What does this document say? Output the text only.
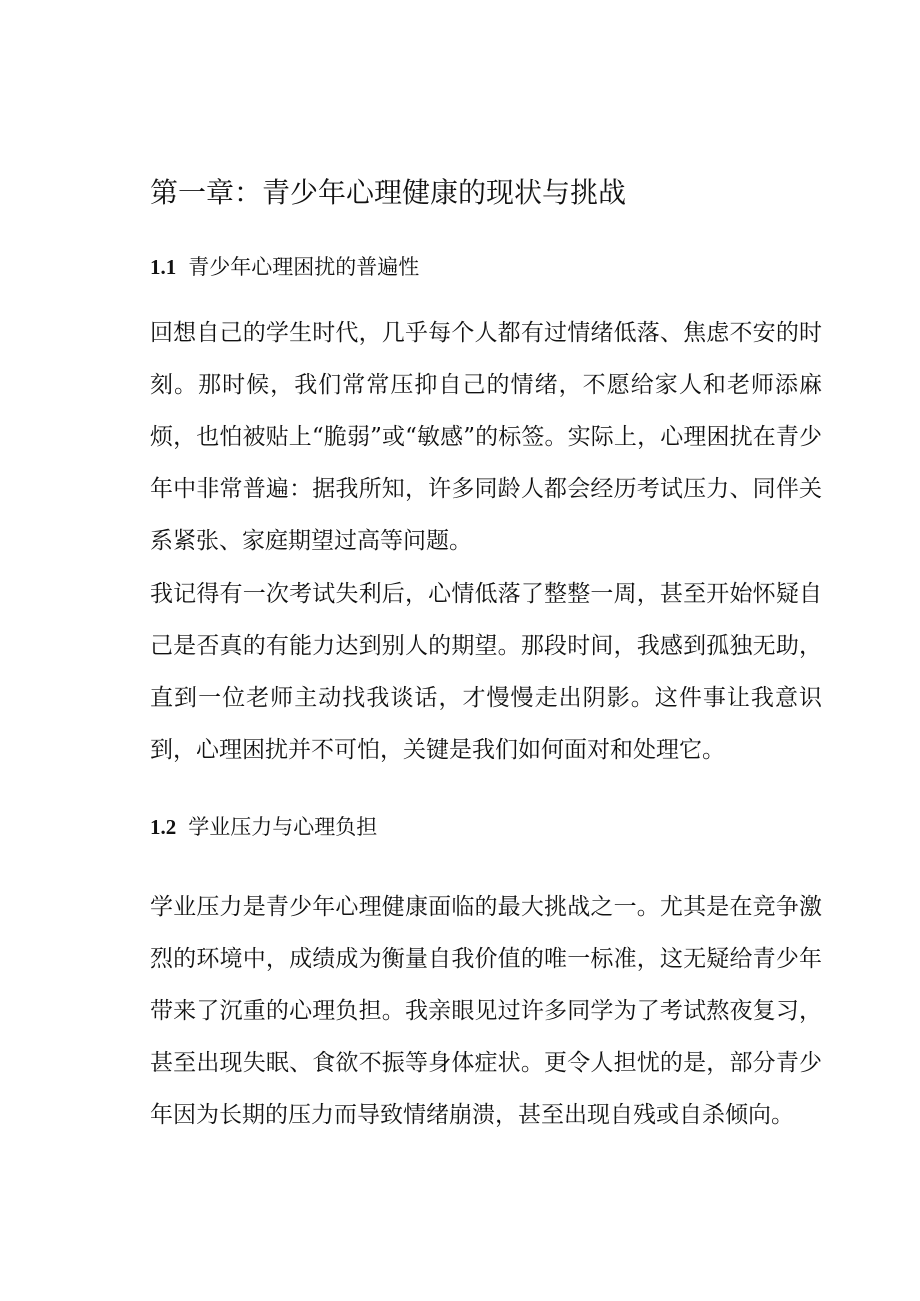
第一章：青少年心理健康的现状与挑战
1.1 青少年心理困扰的普遍性

回想自己的学生时代，几乎每个人都有过情绪低落、焦虑不安的时刻。那时候，我们常常压抑自己的情绪，不愿给家人和老师添麻烦，也怕被贴上“脆弱”或“敏感”的标签。实际上，心理困扰在青少年中非常普遍：据我所知，许多同龄人都会经历考试压力、同伴关系紧张、家庭期望过高等问题。

我记得有一次考试失利后，心情低落了整整一周，甚至开始怀疑自己是否真的有能力达到别人的期望。那段时间，我感到孤独无助，直到一位老师主动找我谈话，才慢慢走出阴影。这件事让我意识到，心理困扰并不可怕，关键是我们如何面对和处理它。

1.2 学业压力与心理负担

学业压力是青少年心理健康面临的最大挑战之一。尤其是在竞争激烈的环境中，成绩成为衡量自我价值的唯一标准，这无疑给青少年带来了沉重的心理负担。我亲眼见过许多同学为了考试熬夜复习，甚至出现失眠、食欲不振等身体症状。更令人担忧的是，部分青少年因为长期的压力而导致情绪崩溃，甚至出现自残或自杀倾向。
